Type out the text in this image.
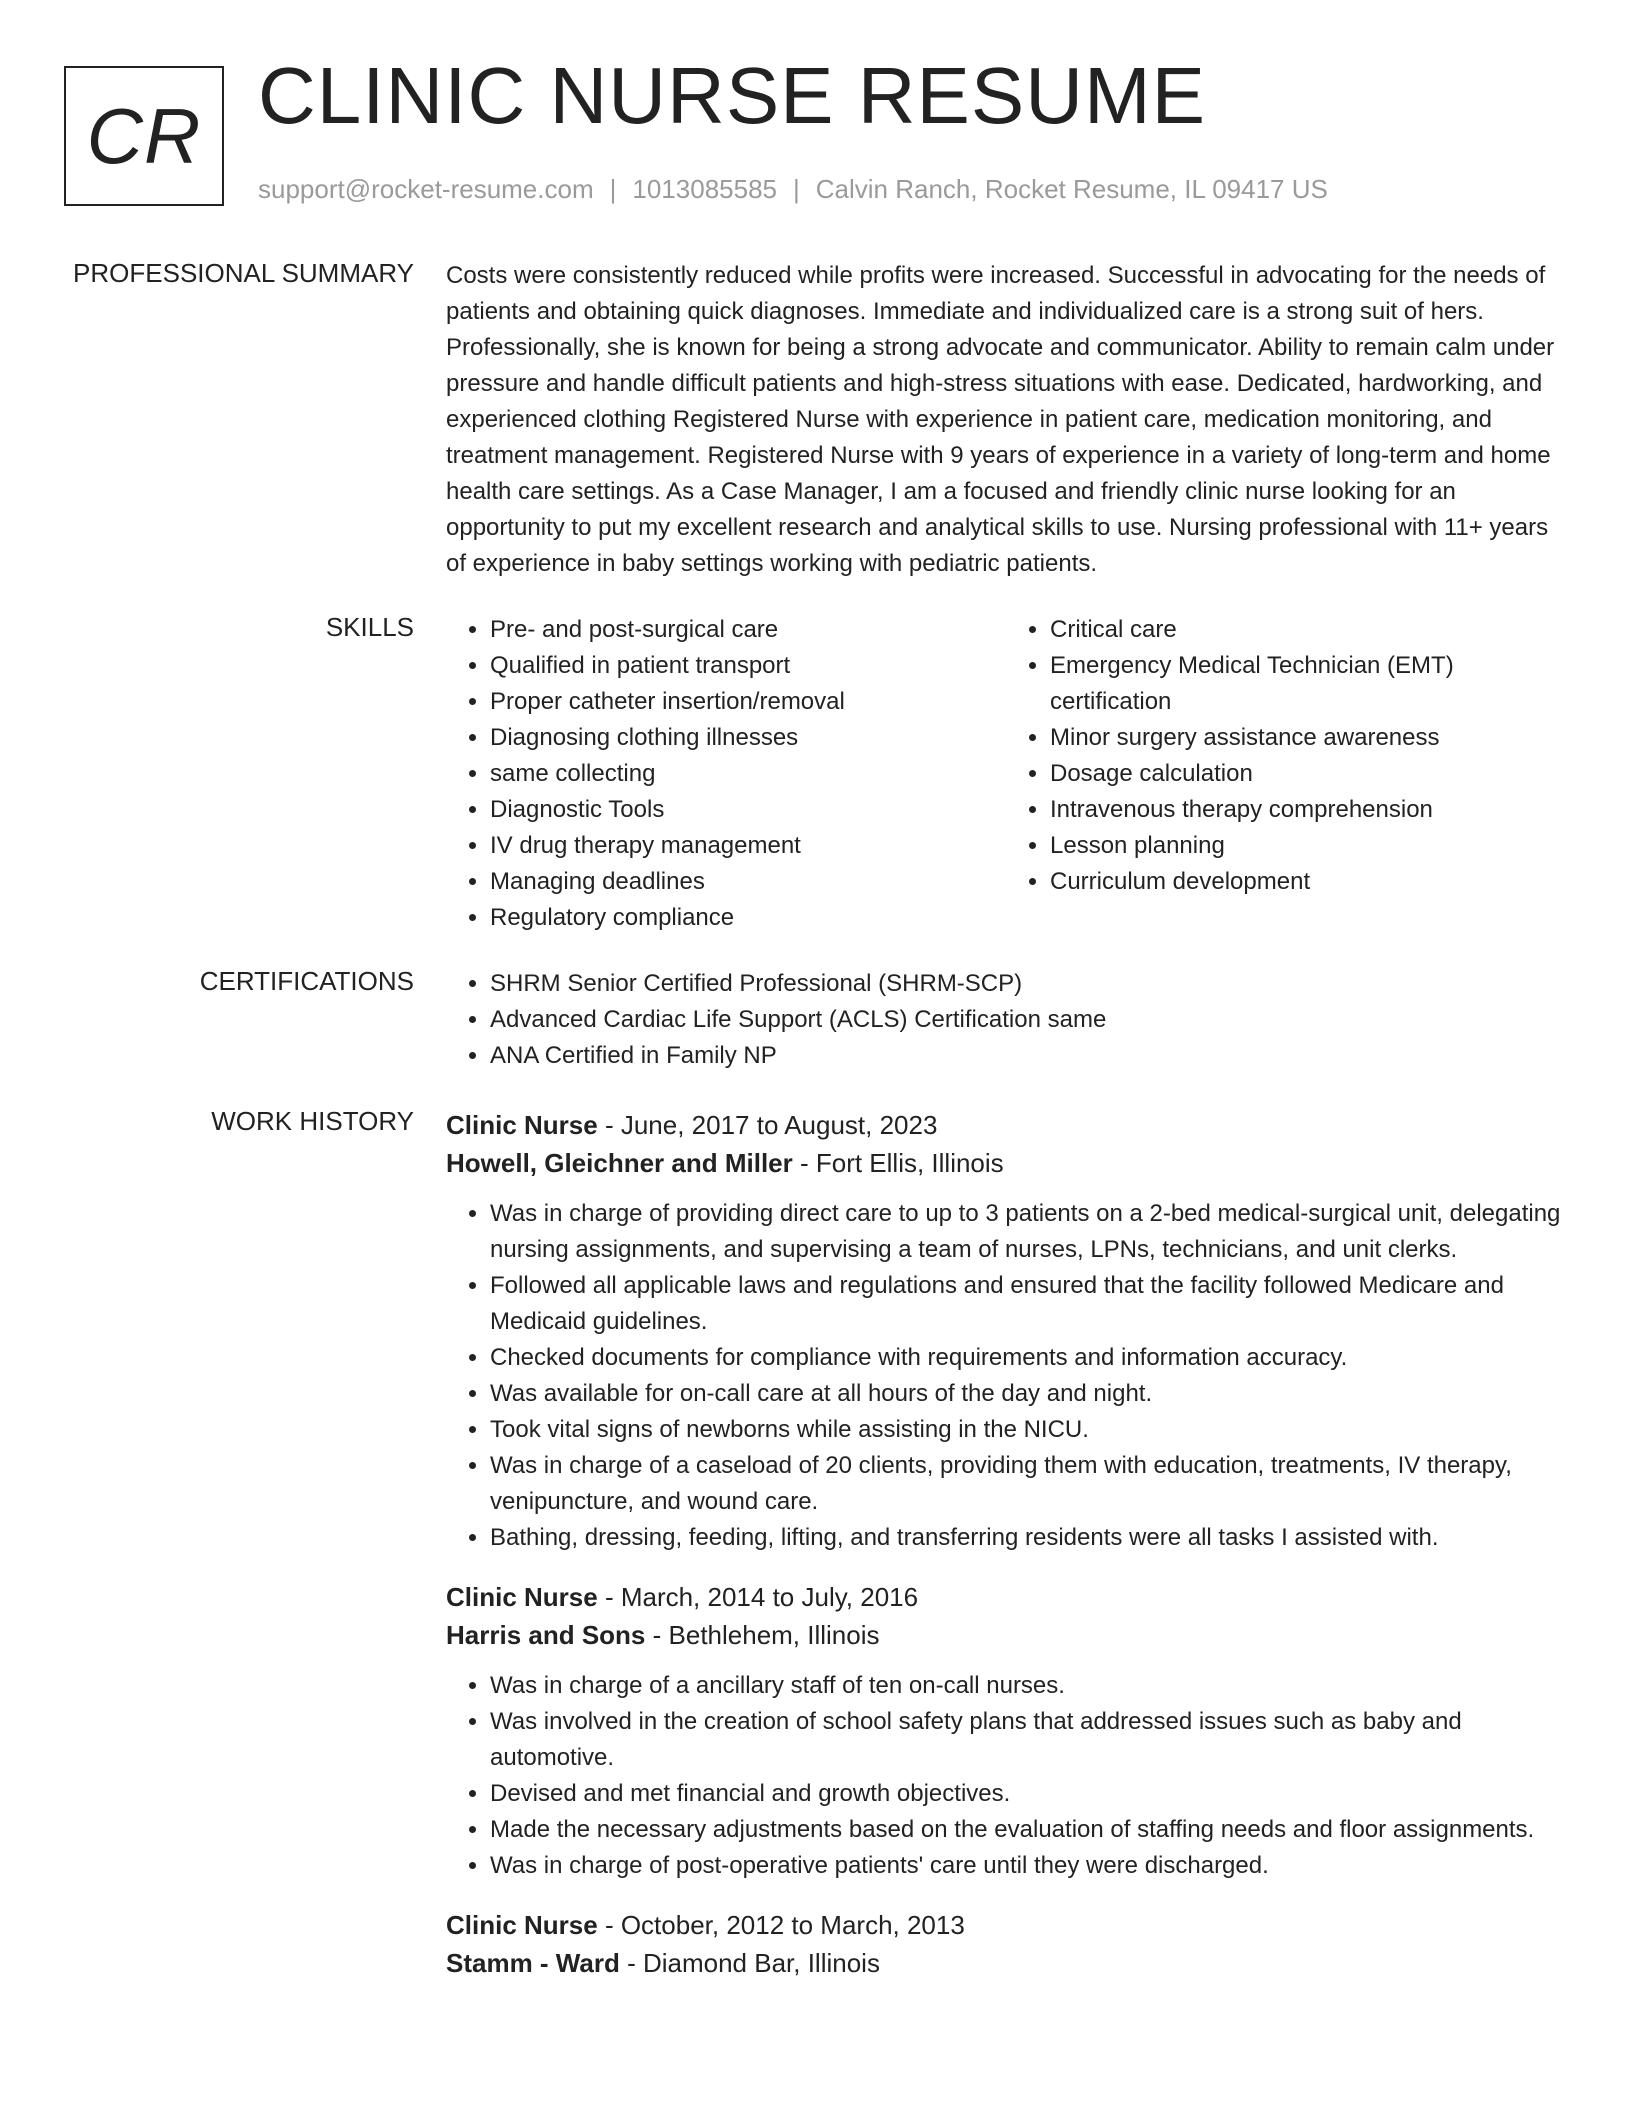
CR CLINIC NURSE RESUME
support@rocket-resume.com | 1013085585 | Calvin Ranch, Rocket Resume, IL 09417 US
PROFESSIONAL SUMMARY Costs were consistently reduced while profits were increased. Successful in advocating for the needs of patients and obtaining quick diagnoses. Immediate and individualized care is a strong suit of hers. Professionally, she is known for being a strong advocate and communicator. Ability to remain calm under pressure and handle difficult patients and high-stress situations with ease. Dedicated, hardworking, and experienced clothing Registered Nurse with experience in patient care, medication monitoring, and treatment management. Registered Nurse with 9 years of experience in a variety of long-term and home health care settings. As a Case Manager, I am a focused and friendly clinic nurse looking for an opportunity to put my excellent research and analytical skills to use. Nursing professional with 11+ years of experience in baby settings working with pediatric patients.
SKILLS	• Pre- and post-surgical care
• Qualified in patient transport
• Proper catheter insertion/removal
• Diagnosing clothing illnesses
• same collecting
• Diagnostic Tools
• IV drug therapy management
• Managing deadlines
• Regulatory compliance
• Critical care
• Emergency Medical Technician (EMT) certification
• Minor surgery assistance awareness
• Dosage calculation
• Intravenous therapy comprehension
• Lesson planning
• Curriculum development
CERTIFICATIONS	• SHRM Senior Certified Professional (SHRM-SCP)
• Advanced Cardiac Life Support (ACLS) Certification same
• ANA Certified in Family NP
WORK HISTORY Clinic Nurse - June, 2017 to August, 2023
Howell, Gleichner and Miller - Fort Ellis, Illinois
• Was in charge of providing direct care to up to 3 patients on a 2-bed medical-surgical unit, delegating nursing assignments, and supervising a team of nurses, LPNs, technicians, and unit clerks.
• Followed all applicable laws and regulations and ensured that the facility followed Medicare and Medicaid guidelines.
• Checked documents for compliance with requirements and information accuracy.
• Was available for on-call care at all hours of the day and night.
• Took vital signs of newborns while assisting in the NICU.
• Was in charge of a caseload of 20 clients, providing them with education, treatments, IV therapy, venipuncture, and wound care.
• Bathing, dressing, feeding, lifting, and transferring residents were all tasks I assisted with.
Clinic Nurse - March, 2014 to July, 2016
Harris and Sons - Bethlehem, Illinois
• Was in charge of a ancillary staff of ten on-call nurses.
• Was involved in the creation of school safety plans that addressed issues such as baby and automotive.
• Devised and met financial and growth objectives.
• Made the necessary adjustments based on the evaluation of staffing needs and floor assignments.
• Was in charge of post-operative patients' care until they were discharged.
Clinic Nurse - October, 2012 to March, 2013
Stamm - Ward - Diamond Bar, Illinois
